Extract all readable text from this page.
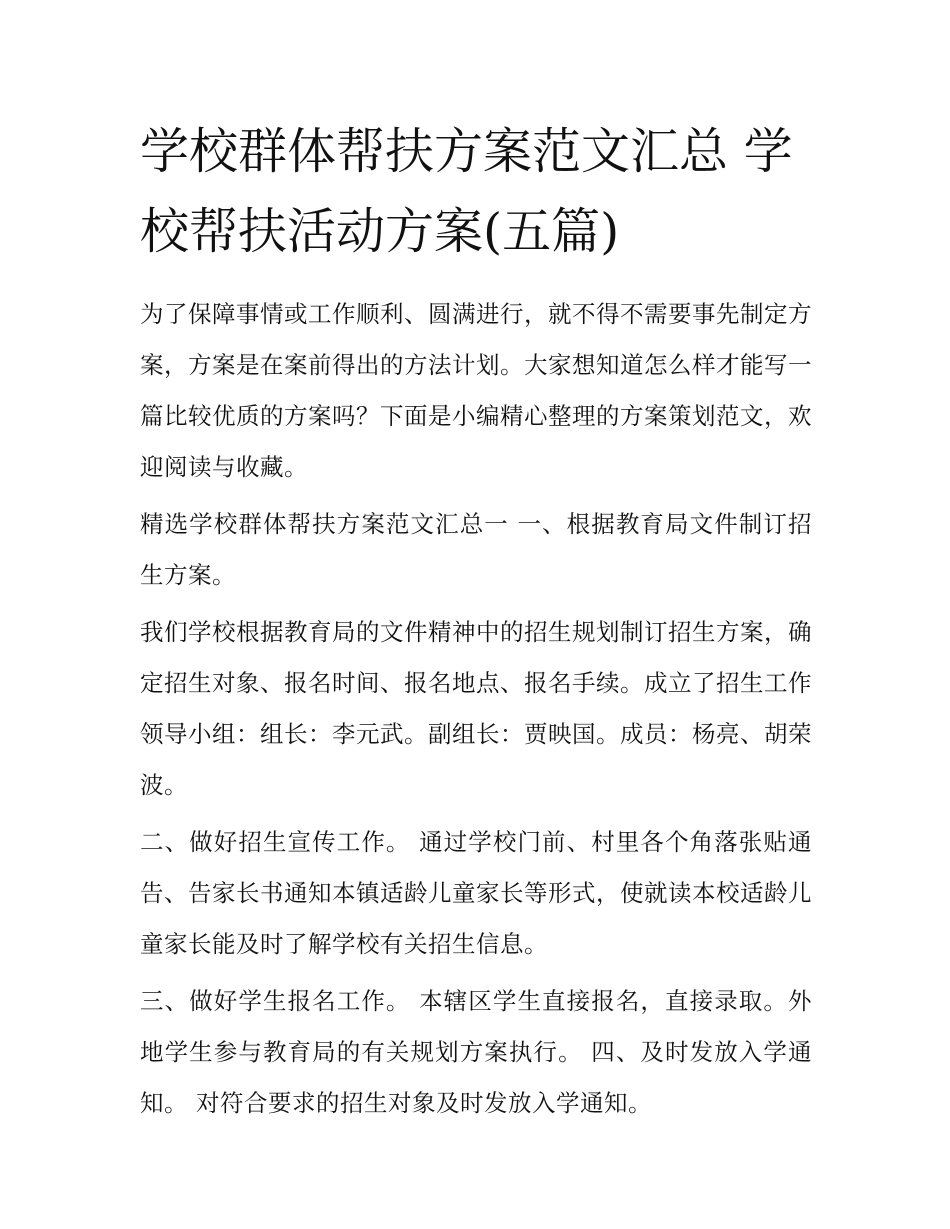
学校群体帮扶方案范文汇总 学校帮扶活动方案(五篇)

为了保障事情或工作顺利、圆满进行，就不得不需要事先制定方案，方案是在案前得出的方法计划。大家想知道怎么样才能写一篇比较优质的方案吗？下面是小编精心整理的方案策划范文，欢迎阅读与收藏。

精选学校群体帮扶方案范文汇总一 一、根据教育局文件制订招生方案。

我们学校根据教育局的文件精神中的招生规划制订招生方案，确定招生对象、报名时间、报名地点、报名手续。成立了招生工作领导小组：组长：李元武。副组长：贾映国。成员：杨亮、胡荣波。

二、做好招生宣传工作。 通过学校门前、村里各个角落张贴通告、告家长书通知本镇适龄儿童家长等形式，使就读本校适龄儿童家长能及时了解学校有关招生信息。

三、做好学生报名工作。 本辖区学生直接报名，直接录取。外地学生参与教育局的有关规划方案执行。 四、及时发放入学通知。 对符合要求的招生对象及时发放入学通知。
